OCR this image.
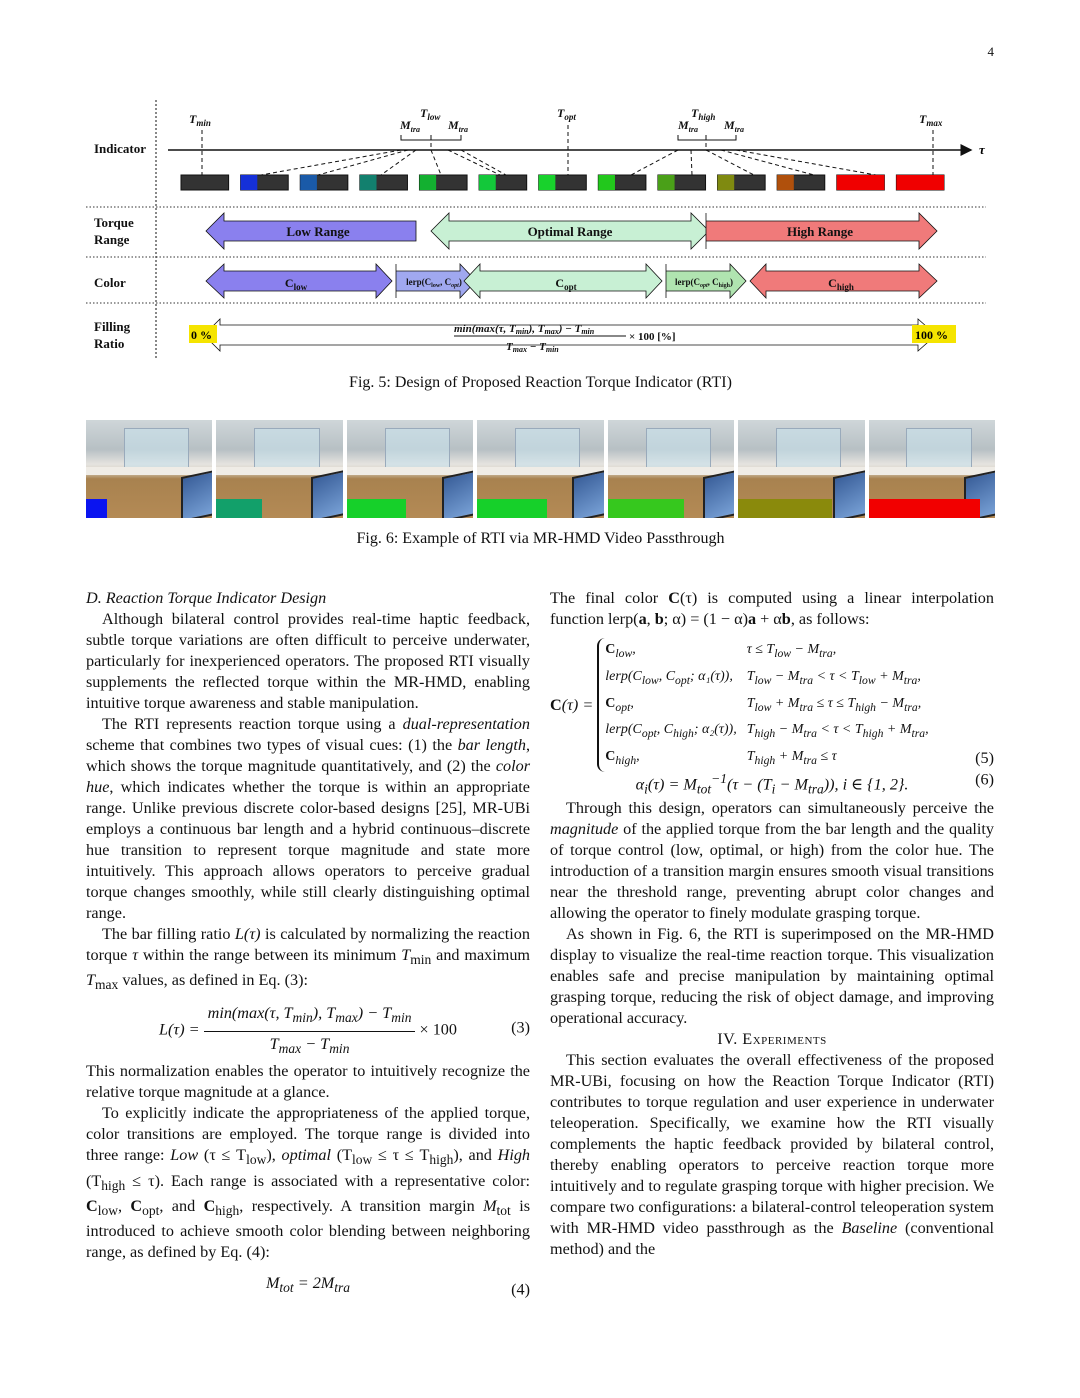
4
Indicator
Torque
Range
Color
Filling
Ratio
τ
$T_{min}$
$T_{low}$
$M_{tra}$ $M_{tra}$
$T_{opt}$	$T_{high}$
$M_{tra}$ $M_{tra}$
$T_{max}$
Low Range	Optimal Range	High Range
$C_{low}$	$lerp(C_{low}$, $C_{opt}$)	$C_{opt}$	$lerp(C_{opt}$, $C_{high}$)	$C_{high}$
0 %	100 %
min(max(τ, Tmin), Tmax) − Tmin
Tmax − Tmin
× 100 [%]
Fig. 5: Design of Proposed Reaction Torque Indicator (RTI)
Fig. 6: Example of RTI via MR-HMD Video Passthrough

D. Reaction Torque Indicator Design

Although bilateral control provides real-time haptic feedback, subtle torque variations are often difficult to perceive underwater, particularly for inexperienced operators. The proposed RTI visually supplements the reflected torque within the MR-HMD, enabling intuitive torque awareness and stable manipulation.

The RTI represents reaction torque using a dual-representation scheme that combines two types of visual cues: (1) the bar length, which shows the torque magnitude quantitatively, and (2) the color hue, which indicates whether the torque is within an appropriate range. Unlike previous discrete color-based designs [25], MR-UBi employs a continuous bar length and a hybrid continuous–discrete hue transition to represent torque magnitude and state more intuitively. This approach allows operators to perceive gradual torque changes smoothly, while still clearly distinguishing optimal range.

The bar filling ratio L(τ) is calculated by normalizing the reaction torque τ within the range between its minimum $T_{min}$ and maximum $T_{max}$ values, as defined in Eq. (3):

$L(\tau) = \frac{\min(\max(\tau, T_{min}), T_{max}) - T_{min}}{T_{max} - T_{min}} \times 100$	(3)

This normalization enables the operator to intuitively recognize the relative torque magnitude at a glance.

To explicitly indicate the appropriateness of the applied torque, color transitions are employed. The torque range is divided into three range: Low $(\tau \le T_{low})$, optimal $(T_{low} \le \tau \le T_{high})$, and High $(T_{high} \le \tau)$. Each range is associated with a representative color: $C_{low}$, $C_{opt}$, and $C_{high}$, respectively. A transition margin $M_{tot}$ is introduced to achieve smooth color blending between neighboring range, as defined by Eq. (4):

$M_{tot} = 2M_{tra}$	(4)

The final color C(τ) is computed using a linear interpolation function lerp(a, b; α) = (1 − α)a + αb, as follows:

C(τ) =
$C_{low}$,	$\tau \le T_{low} - M_{tra}$,
$lerp(C_{low}$, $C_{opt}$; α₁(τ)),	$T_{low} - M_{tra} < \tau < T_{low} + M_{tra}$,
$C_{opt}$,	$T_{low} + M_{tra} \le \tau \le T_{high} - M_{tra}$,
$lerp(C_{opt}$, $C_{high}$; α₂(τ)),	$T_{high} - M_{tra} < \tau < T_{high} + M_{tra}$,
$C_{high}$,	$T_{high} + M_{tra} \le \tau$	(5)
$\alpha_i(\tau) = M_{tot}^{-1}(\tau - (T_i - M_{tra}))$, i ∈ {1, 2}.	(6)

Through this design, operators can simultaneously perceive the magnitude of the applied torque from the bar length and the quality of torque control (low, optimal, or high) from the color hue. The introduction of a transition margin ensures smooth visual transitions near the threshold range, preventing abrupt color changes and allowing the operator to finely modulate grasping torque.

As shown in Fig. 6, the RTI is superimposed on the MR-HMD display to visualize the real-time reaction torque. This visualization enables safe and precise manipulation by maintaining optimal grasping torque, reducing the risk of object damage, and improving operational accuracy.

IV. Experiments

This section evaluates the overall effectiveness of the proposed MR-UBi, focusing on how the Reaction Torque Indicator (RTI) contributes to torque regulation and user experience in underwater teleoperation. Specifically, we examine how the RTI visually complements the haptic feedback provided by bilateral control, thereby enabling operators to perceive reaction torque more intuitively and to regulate grasping torque with higher precision. We compare two configurations: a bilateral-control teleoperation system with MR-HMD video passthrough as the Baseline (conventional method) and the
